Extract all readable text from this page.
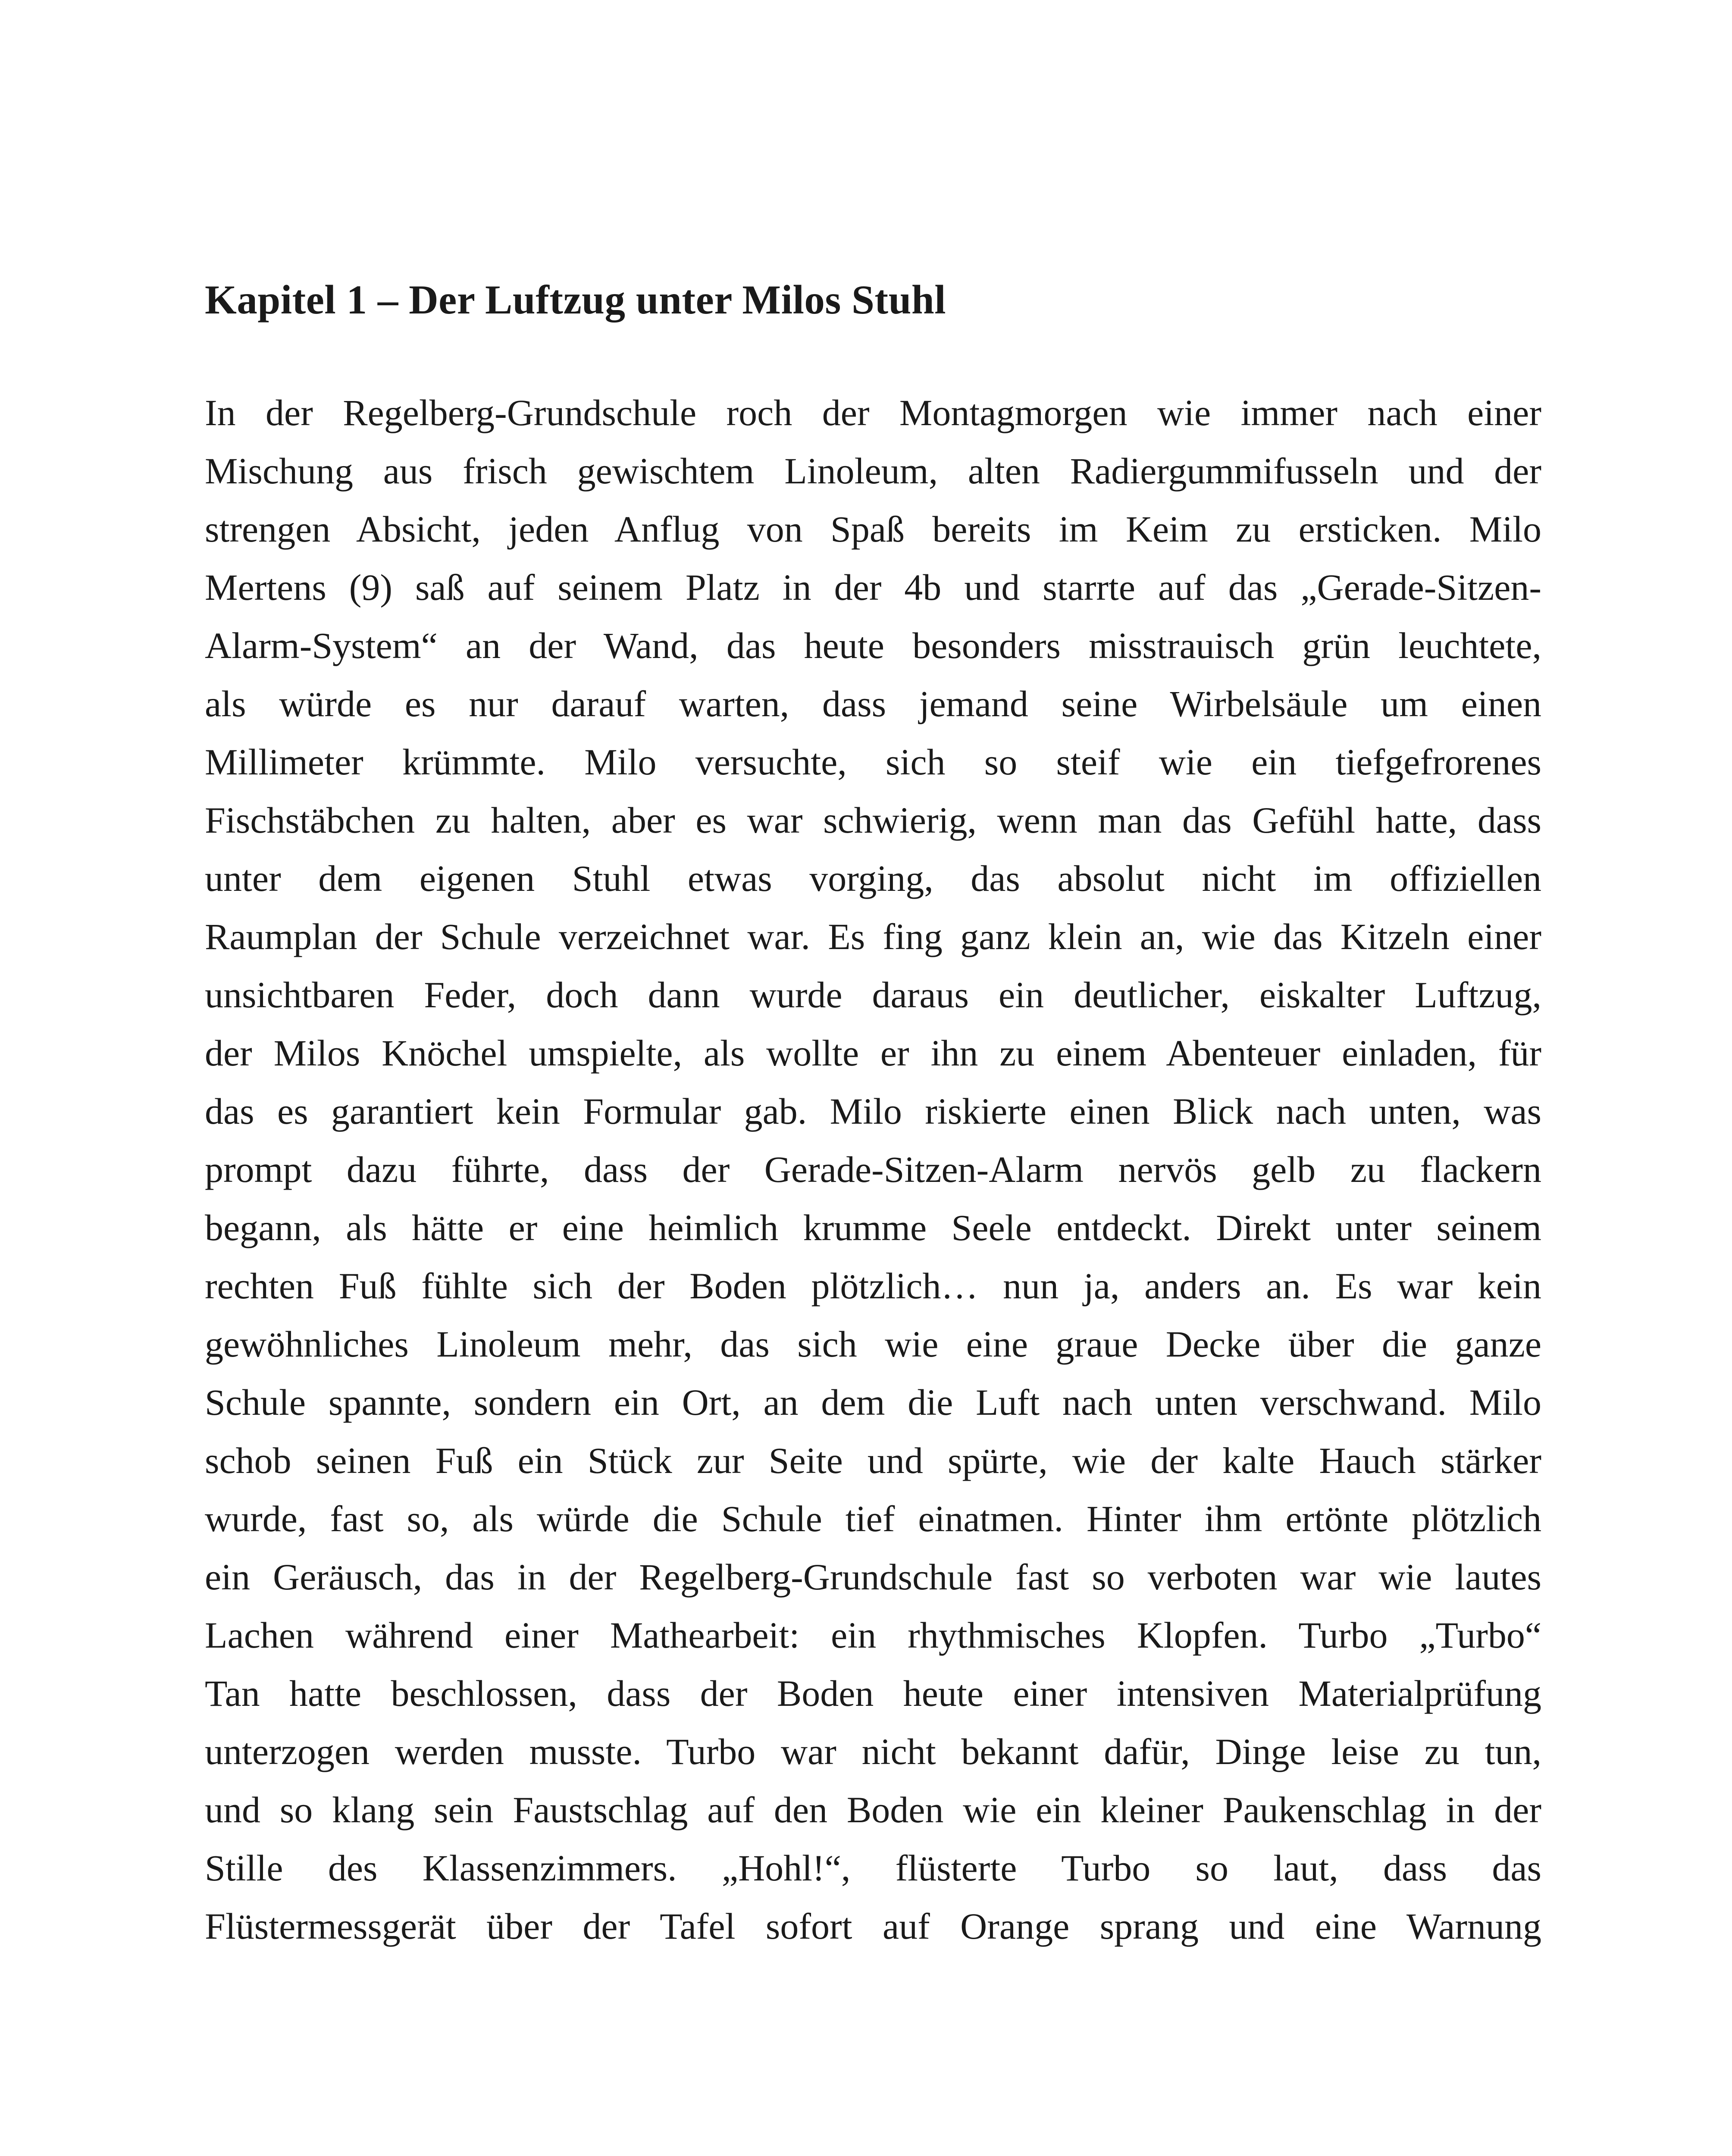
Kapitel 1 – Der Luftzug unter Milos Stuhl
In der Regelberg-Grundschule roch der Montagmorgen wie immer nach einer
Mischung aus frisch gewischtem Linoleum, alten Radiergummifusseln und der
strengen Absicht, jeden Anflug von Spaß bereits im Keim zu ersticken. Milo
Mertens (9) saß auf seinem Platz in der 4b und starrte auf das „Gerade-Sitzen-
Alarm-System“ an der Wand, das heute besonders misstrauisch grün leuchtete,
als würde es nur darauf warten, dass jemand seine Wirbelsäule um einen
Millimeter krümmte. Milo versuchte, sich so steif wie ein tiefgefrorenes
Fischstäbchen zu halten, aber es war schwierig, wenn man das Gefühl hatte, dass
unter dem eigenen Stuhl etwas vorging, das absolut nicht im offiziellen
Raumplan der Schule verzeichnet war. Es fing ganz klein an, wie das Kitzeln einer
unsichtbaren Feder, doch dann wurde daraus ein deutlicher, eiskalter Luftzug,
der Milos Knöchel umspielte, als wollte er ihn zu einem Abenteuer einladen, für
das es garantiert kein Formular gab. Milo riskierte einen Blick nach unten, was
prompt dazu führte, dass der Gerade-Sitzen-Alarm nervös gelb zu flackern
begann, als hätte er eine heimlich krumme Seele entdeckt. Direkt unter seinem
rechten Fuß fühlte sich der Boden plötzlich… nun ja, anders an. Es war kein
gewöhnliches Linoleum mehr, das sich wie eine graue Decke über die ganze
Schule spannte, sondern ein Ort, an dem die Luft nach unten verschwand. Milo
schob seinen Fuß ein Stück zur Seite und spürte, wie der kalte Hauch stärker
wurde, fast so, als würde die Schule tief einatmen. Hinter ihm ertönte plötzlich
ein Geräusch, das in der Regelberg-Grundschule fast so verboten war wie lautes
Lachen während einer Mathearbeit: ein rhythmisches Klopfen. Turbo „Turbo“
Tan hatte beschlossen, dass der Boden heute einer intensiven Materialprüfung
unterzogen werden musste. Turbo war nicht bekannt dafür, Dinge leise zu tun,
und so klang sein Faustschlag auf den Boden wie ein kleiner Paukenschlag in der
Stille des Klassenzimmers. „Hohl!“, flüsterte Turbo so laut, dass das
Flüstermessgerät über der Tafel sofort auf Orange sprang und eine Warnung
